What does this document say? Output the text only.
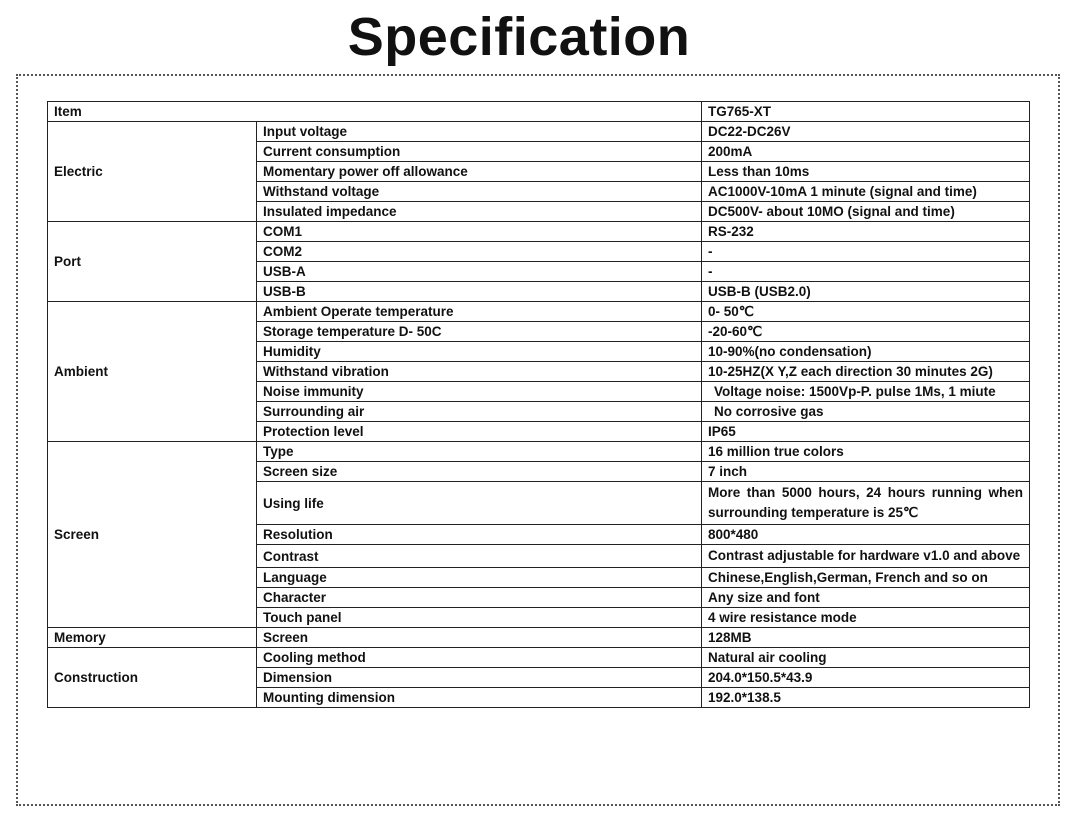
Specification
Item		TG765-XT
Electric	Input voltage	DC22-DC26V
	Current consumption	200mA
	Momentary power off allowance	Less than 10ms
	Withstand voltage	AC1000V-10mA 1 minute (signal and time)
	Insulated impedance	DC500V- about 10MO (signal and time)
Port	COM1	RS-232
	COM2	-
	USB-A	-
	USB-B	USB-B (USB2.0)
Ambient	Ambient Operate temperature	0- 50℃
	Storage temperature D- 50C	-20-60℃
	Humidity	10-90%(no condensation)
	Withstand vibration	10-25HZ(X Y,Z each direction 30 minutes 2G)
	Noise immunity	Voltage noise: 1500Vp-P. pulse 1Ms, 1 miute
	Surrounding air	No corrosive gas
	Protection level	IP65
Screen	Type	16 million true colors
	Screen size	7 inch
	Using life	More than 5000 hours, 24 hours running when surrounding temperature is 25℃
	Resolution	800*480
	Contrast	Contrast adjustable for hardware v1.0 and above
	Language	Chinese,English,German, French and so on
	Character	Any size and font
	Touch panel	4 wire resistance mode
Memory	Screen	128MB
Construction	Cooling method	Natural air cooling
	Dimension	204.0*150.5*43.9
	Mounting dimension	192.0*138.5
